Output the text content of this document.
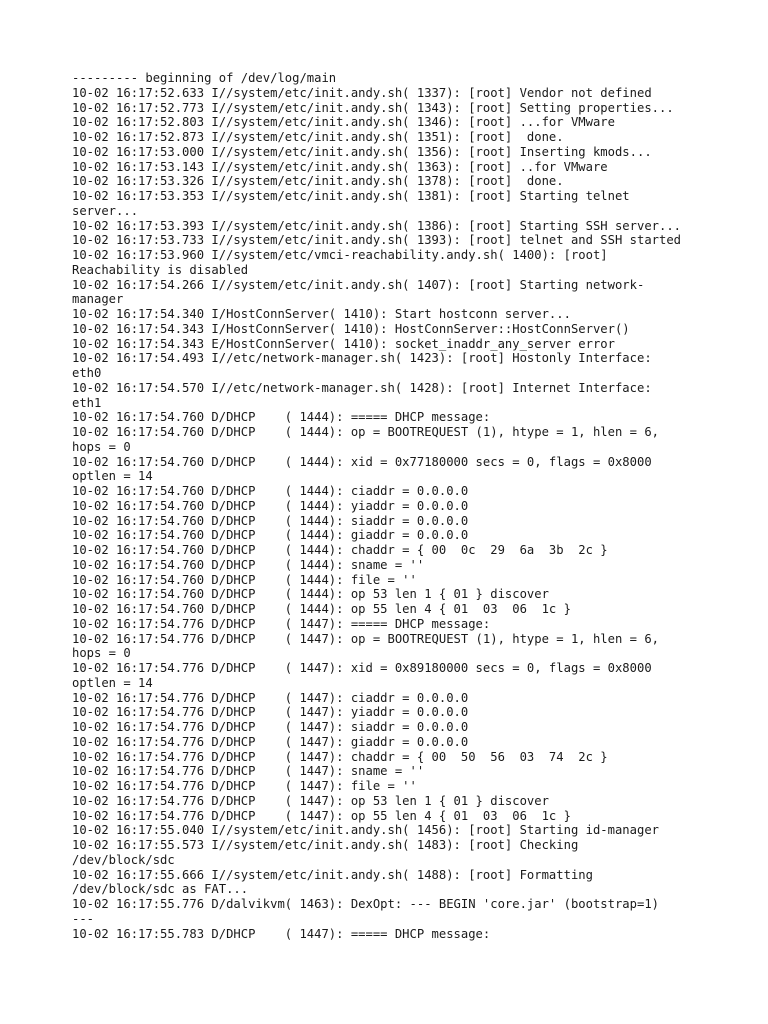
--------- beginning of /dev/log/main
10-02 16:17:52.633 I//system/etc/init.andy.sh( 1337): [root] Vendor not defined
10-02 16:17:52.773 I//system/etc/init.andy.sh( 1343): [root] Setting properties...
10-02 16:17:52.803 I//system/etc/init.andy.sh( 1346): [root] ...for VMware
10-02 16:17:52.873 I//system/etc/init.andy.sh( 1351): [root]  done.
10-02 16:17:53.000 I//system/etc/init.andy.sh( 1356): [root] Inserting kmods...
10-02 16:17:53.143 I//system/etc/init.andy.sh( 1363): [root] ..for VMware
10-02 16:17:53.326 I//system/etc/init.andy.sh( 1378): [root]  done.
10-02 16:17:53.353 I//system/etc/init.andy.sh( 1381): [root] Starting telnet
server...
10-02 16:17:53.393 I//system/etc/init.andy.sh( 1386): [root] Starting SSH server...
10-02 16:17:53.733 I//system/etc/init.andy.sh( 1393): [root] telnet and SSH started
10-02 16:17:53.960 I//system/etc/vmci-reachability.andy.sh( 1400): [root]
Reachability is disabled
10-02 16:17:54.266 I//system/etc/init.andy.sh( 1407): [root] Starting network-
manager
10-02 16:17:54.340 I/HostConnServer( 1410): Start hostconn server...
10-02 16:17:54.343 I/HostConnServer( 1410): HostConnServer::HostConnServer()
10-02 16:17:54.343 E/HostConnServer( 1410): socket_inaddr_any_server error
10-02 16:17:54.493 I//etc/network-manager.sh( 1423): [root] Hostonly Interface:
eth0
10-02 16:17:54.570 I//etc/network-manager.sh( 1428): [root] Internet Interface:
eth1
10-02 16:17:54.760 D/DHCP    ( 1444): ===== DHCP message:
10-02 16:17:54.760 D/DHCP    ( 1444): op = BOOTREQUEST (1), htype = 1, hlen = 6,
hops = 0
10-02 16:17:54.760 D/DHCP    ( 1444): xid = 0x77180000 secs = 0, flags = 0x8000
optlen = 14
10-02 16:17:54.760 D/DHCP    ( 1444): ciaddr = 0.0.0.0
10-02 16:17:54.760 D/DHCP    ( 1444): yiaddr = 0.0.0.0
10-02 16:17:54.760 D/DHCP    ( 1444): siaddr = 0.0.0.0
10-02 16:17:54.760 D/DHCP    ( 1444): giaddr = 0.0.0.0
10-02 16:17:54.760 D/DHCP    ( 1444): chaddr = { 00  0c  29  6a  3b  2c }
10-02 16:17:54.760 D/DHCP    ( 1444): sname = ''
10-02 16:17:54.760 D/DHCP    ( 1444): file = ''
10-02 16:17:54.760 D/DHCP    ( 1444): op 53 len 1 { 01 } discover
10-02 16:17:54.760 D/DHCP    ( 1444): op 55 len 4 { 01  03  06  1c }
10-02 16:17:54.776 D/DHCP    ( 1447): ===== DHCP message:
10-02 16:17:54.776 D/DHCP    ( 1447): op = BOOTREQUEST (1), htype = 1, hlen = 6,
hops = 0
10-02 16:17:54.776 D/DHCP    ( 1447): xid = 0x89180000 secs = 0, flags = 0x8000
optlen = 14
10-02 16:17:54.776 D/DHCP    ( 1447): ciaddr = 0.0.0.0
10-02 16:17:54.776 D/DHCP    ( 1447): yiaddr = 0.0.0.0
10-02 16:17:54.776 D/DHCP    ( 1447): siaddr = 0.0.0.0
10-02 16:17:54.776 D/DHCP    ( 1447): giaddr = 0.0.0.0
10-02 16:17:54.776 D/DHCP    ( 1447): chaddr = { 00  50  56  03  74  2c }
10-02 16:17:54.776 D/DHCP    ( 1447): sname = ''
10-02 16:17:54.776 D/DHCP    ( 1447): file = ''
10-02 16:17:54.776 D/DHCP    ( 1447): op 53 len 1 { 01 } discover
10-02 16:17:54.776 D/DHCP    ( 1447): op 55 len 4 { 01  03  06  1c }
10-02 16:17:55.040 I//system/etc/init.andy.sh( 1456): [root] Starting id-manager
10-02 16:17:55.573 I//system/etc/init.andy.sh( 1483): [root] Checking
/dev/block/sdc
10-02 16:17:55.666 I//system/etc/init.andy.sh( 1488): [root] Formatting
/dev/block/sdc as FAT...
10-02 16:17:55.776 D/dalvikvm( 1463): DexOpt: --- BEGIN 'core.jar' (bootstrap=1)
---
10-02 16:17:55.783 D/DHCP    ( 1447): ===== DHCP message:
